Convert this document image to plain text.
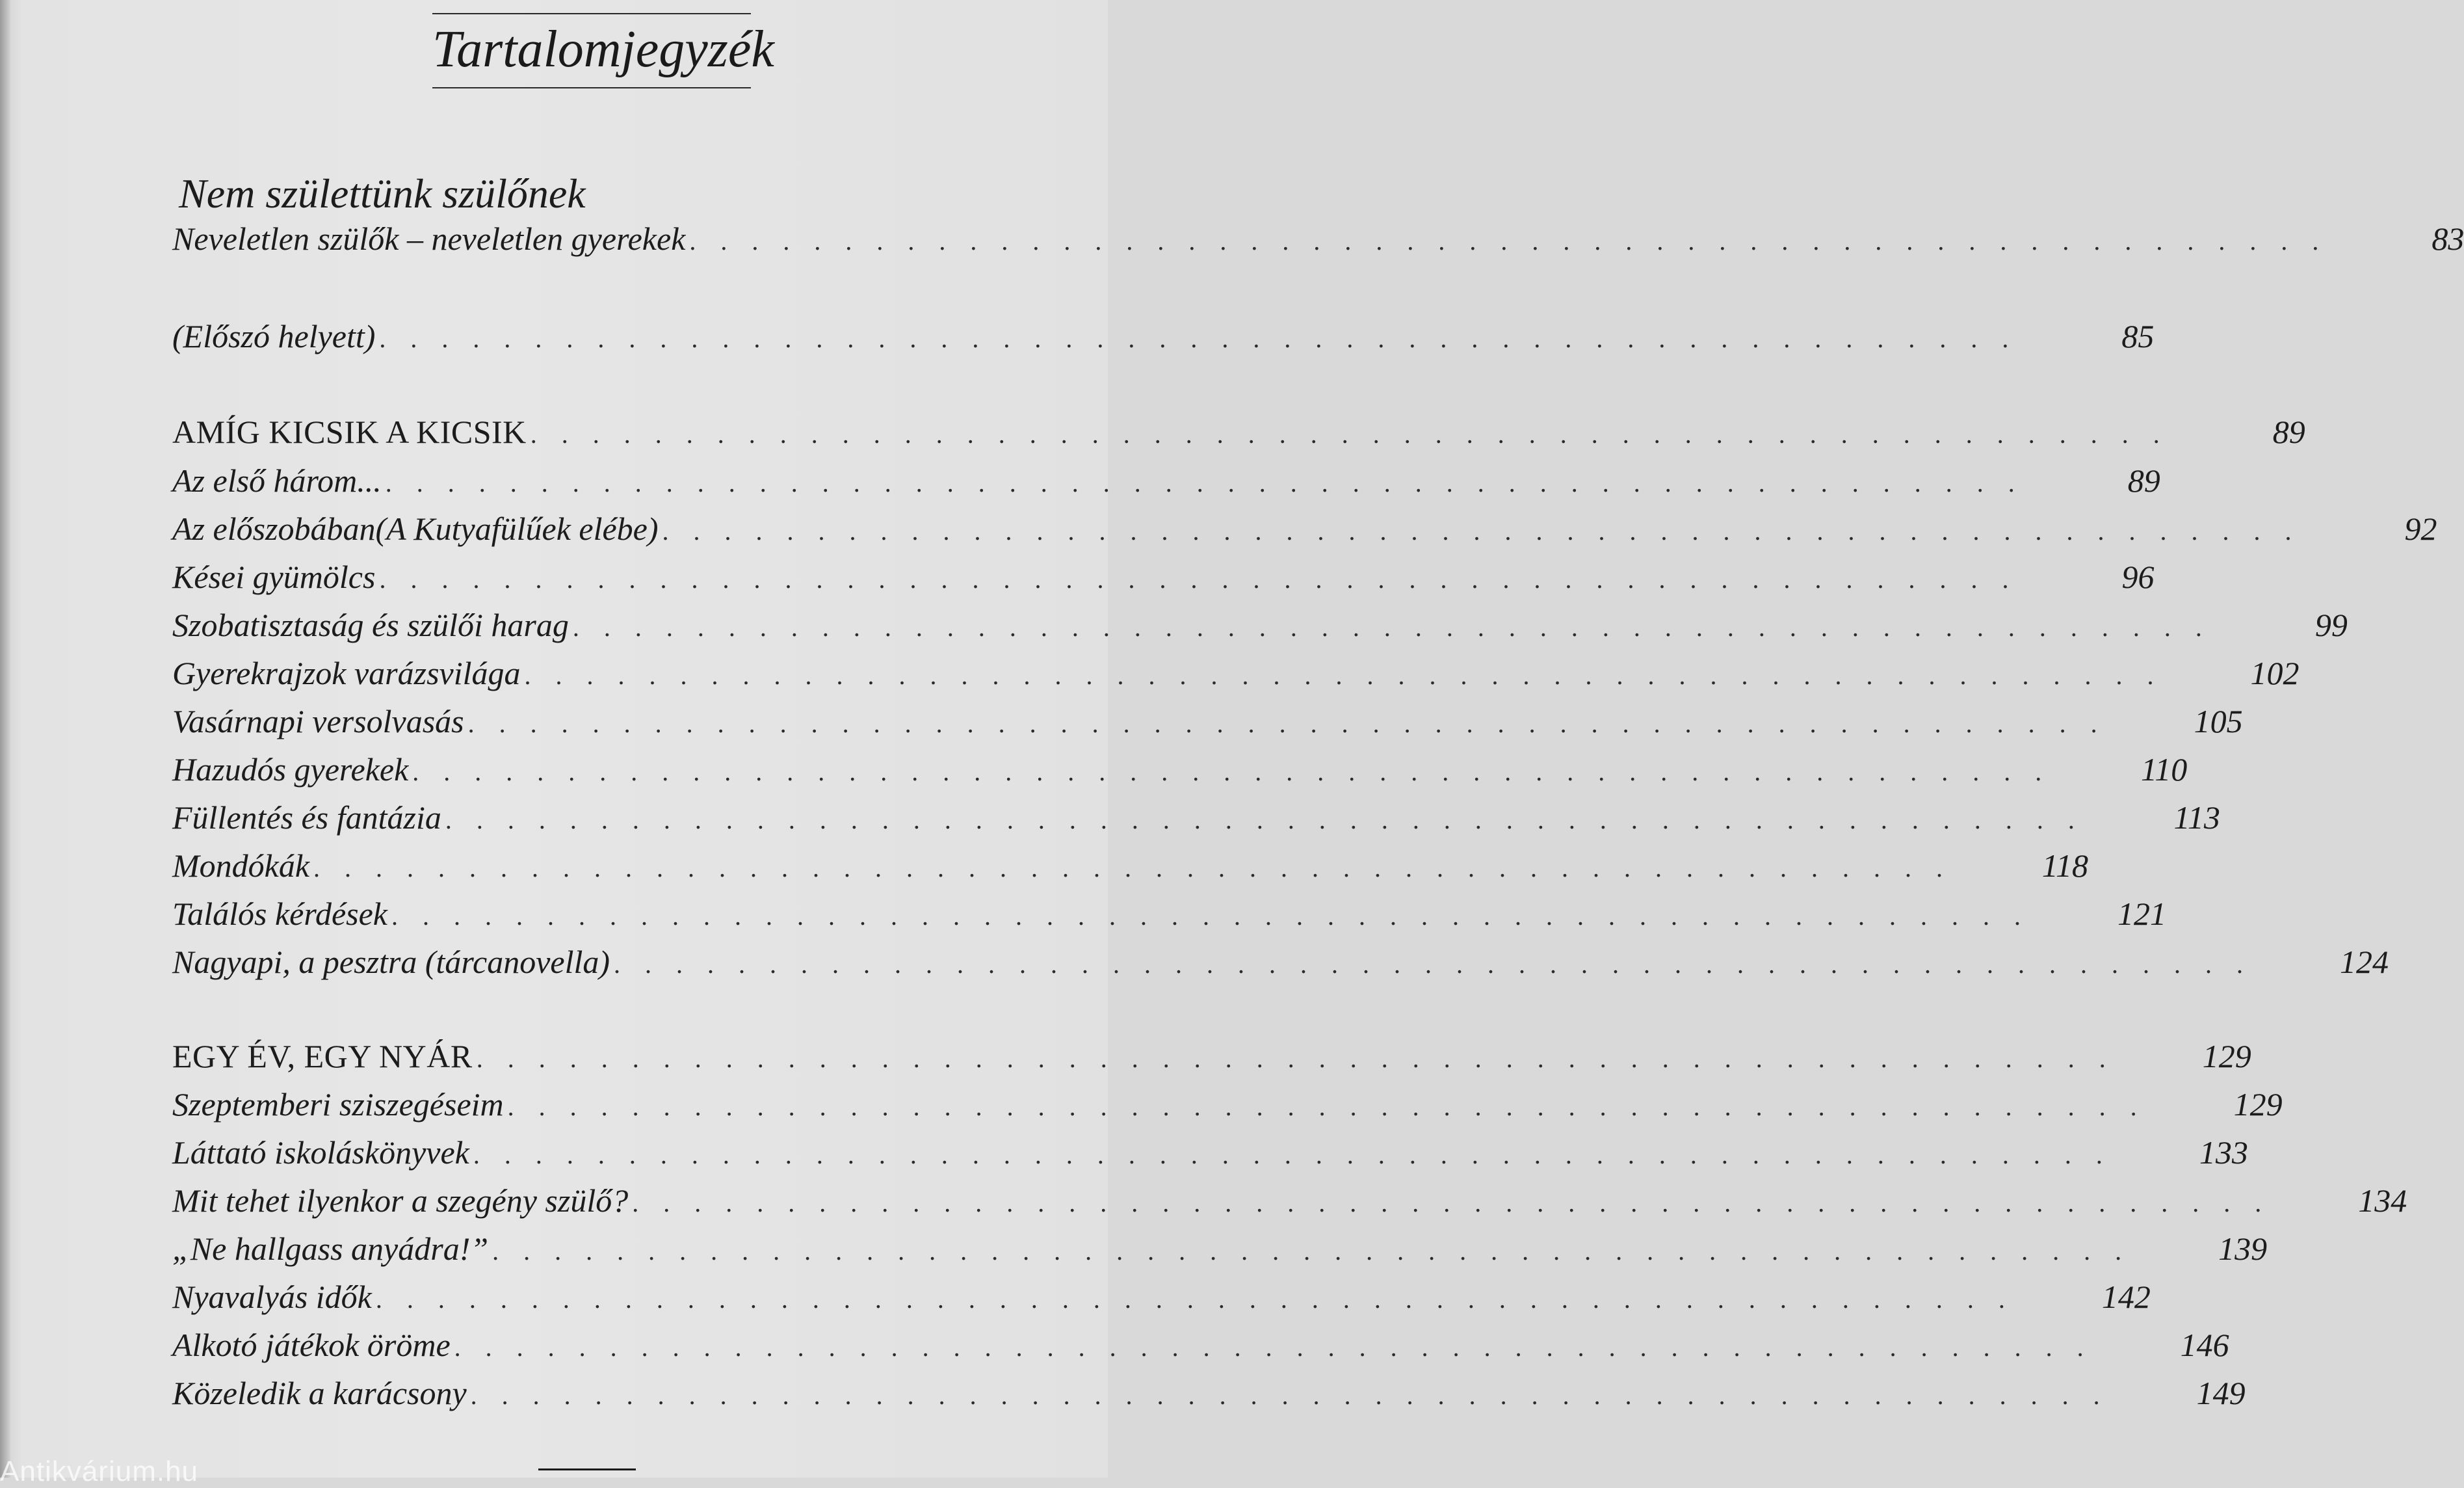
Tartalomjegyzék
Nem születtünk szülőnek
Neveletlen szülők – neveletlen gyerekek . . . . . . . . . . . . . . . . . . . . . . . . . . . . . . . . . . . . . . . . . . . . . . . . . . . . .	83
(Előszó helyett) . . . . . . . . . . . . . . . . . . . . . . . . . . . . . . . . . . . . . . . . . . . . . . . . . . . . .	85
AMÍG KICSIK A KICSIK . . . . . . . . . . . . . . . . . . . . . . . . . . . . . . . . . . . . . . . . . . . . . . . . . . . . .	89
Az első három... . . . . . . . . . . . . . . . . . . . . . . . . . . . . . . . . . . . . . . . . . . . . . . . . . . . . .	89
Az előszobában(A Kutyafülűek elébe) . . . . . . . . . . . . . . . . . . . . . . . . . . . . . . . . . . . . . . . . . . . . . . . . . . . . .	92
Kései gyümölcs . . . . . . . . . . . . . . . . . . . . . . . . . . . . . . . . . . . . . . . . . . . . . . . . . . . . .	96
Szobatisztaság és szülői harag . . . . . . . . . . . . . . . . . . . . . . . . . . . . . . . . . . . . . . . . . . . . . . . . . . . . .	99
Gyerekrajzok varázsvilága . . . . . . . . . . . . . . . . . . . . . . . . . . . . . . . . . . . . . . . . . . . . . . . . . . . . .	102
Vasárnapi versolvasás . . . . . . . . . . . . . . . . . . . . . . . . . . . . . . . . . . . . . . . . . . . . . . . . . . . . .	105
Hazudós gyerekek . . . . . . . . . . . . . . . . . . . . . . . . . . . . . . . . . . . . . . . . . . . . . . . . . . . . .	110
Füllentés és fantázia . . . . . . . . . . . . . . . . . . . . . . . . . . . . . . . . . . . . . . . . . . . . . . . . . . . . .	113
Mondókák . . . . . . . . . . . . . . . . . . . . . . . . . . . . . . . . . . . . . . . . . . . . . . . . . . . . .	118
Találós kérdések . . . . . . . . . . . . . . . . . . . . . . . . . . . . . . . . . . . . . . . . . . . . . . . . . . . . .	121
Nagyapi, a pesztra (tárcanovella) . . . . . . . . . . . . . . . . . . . . . . . . . . . . . . . . . . . . . . . . . . . . . . . . . . . . .	124
EGY ÉV, EGY NYÁR . . . . . . . . . . . . . . . . . . . . . . . . . . . . . . . . . . . . . . . . . . . . . . . . . . . . .	129
Szeptemberi sziszegéseim . . . . . . . . . . . . . . . . . . . . . . . . . . . . . . . . . . . . . . . . . . . . . . . . . . . . .	129
Láttató iskoláskönyvek . . . . . . . . . . . . . . . . . . . . . . . . . . . . . . . . . . . . . . . . . . . . . . . . . . . . .	133
Mit tehet ilyenkor a szegény szülő? . . . . . . . . . . . . . . . . . . . . . . . . . . . . . . . . . . . . . . . . . . . . . . . . . . . . .	134
„Ne hallgass anyádra!” . . . . . . . . . . . . . . . . . . . . . . . . . . . . . . . . . . . . . . . . . . . . . . . . . . . . .	139
Nyavalyás idők . . . . . . . . . . . . . . . . . . . . . . . . . . . . . . . . . . . . . . . . . . . . . . . . . . . . .	142
Alkotó játékok öröme . . . . . . . . . . . . . . . . . . . . . . . . . . . . . . . . . . . . . . . . . . . . . . . . . . . . .	146
Közeledik a karácsony . . . . . . . . . . . . . . . . . . . . . . . . . . . . . . . . . . . . . . . . . . . . . . . . . . . . .	149
Antikvárium.hu
